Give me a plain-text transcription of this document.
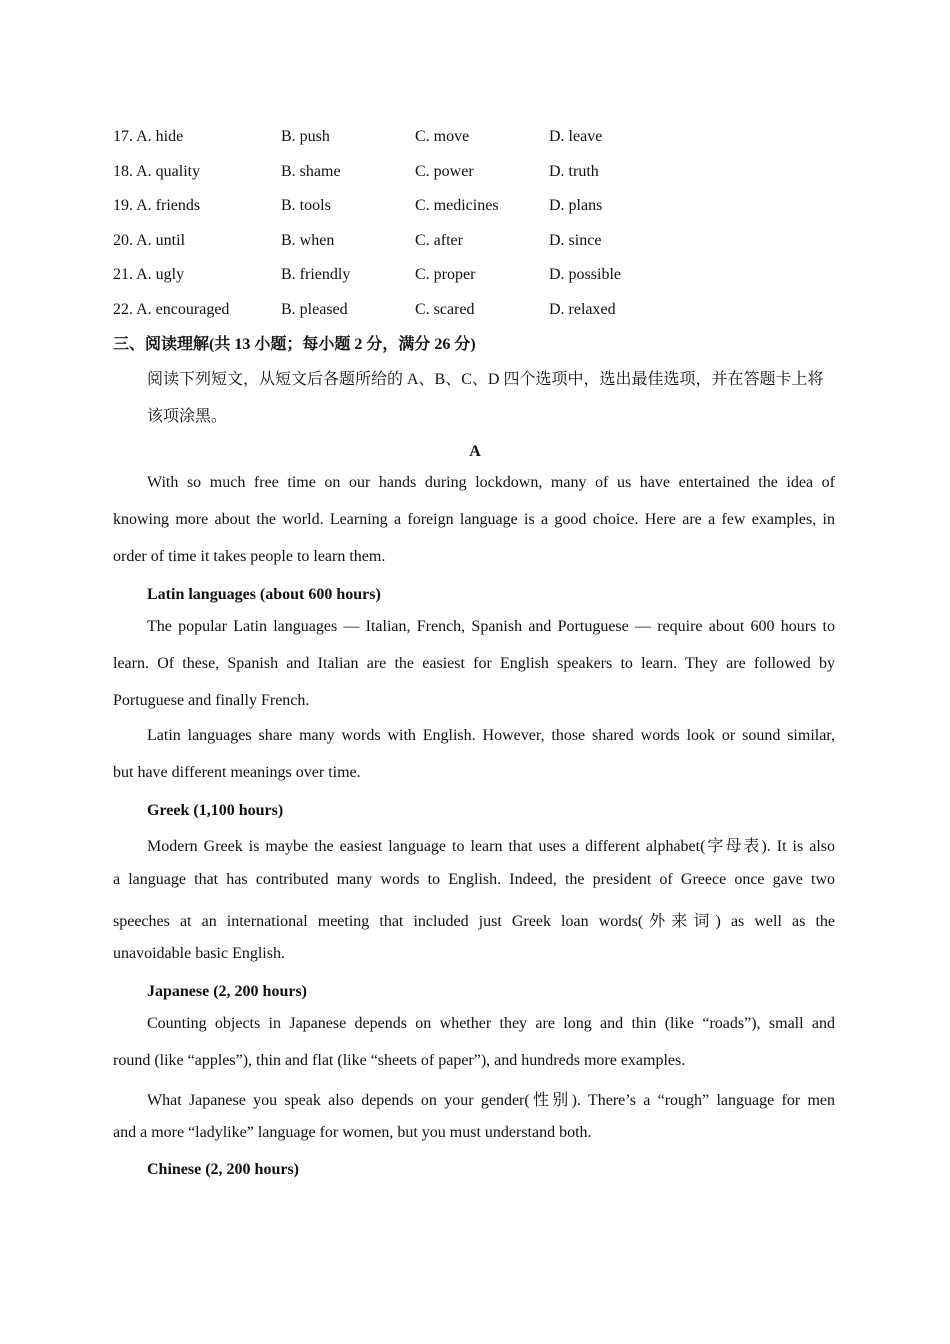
17. A. hide	B. push	C. move	D. leave
18. A. quality	B. shame	C. power	D. truth
19. A. friends	B. tools	C. medicines	D. plans
20. A. until	B. when	C. after	D. since
21. A. ugly	B. friendly	C. proper	D. possible
22. A. encouraged	B. pleased	C. scared	D. relaxed
三、阅读理解(共 13 小题；每小题 2 分，满分 26 分)
阅读下列短文，从短文后各题所给的 A、B、C、D 四个选项中，选出最佳选项，并在答题卡上将
该项涂黑。
A
With so much free time on our hands during lockdown, many of us have entertained the idea of
knowing more about the world. Learning a foreign language is a good choice. Here are a few examples, in
order of time it takes people to learn them.
Latin languages (about 600 hours)
The popular Latin languages — Italian, French, Spanish and Portuguese — require about 600 hours to
learn. Of these, Spanish and Italian are the easiest for English speakers to learn. They are followed by
Portuguese and finally French.
Latin languages share many words with English. However, those shared words look or sound similar,
but have different meanings over time.
Greek (1,100 hours)
Modern Greek is maybe the easiest language to learn that uses a different alphabet(字母表). It is also
a language that has contributed many words to English. Indeed, the president of Greece once gave two
speeches at an international meeting that included just Greek loan words(外来词) as well as the
unavoidable basic English.
Japanese (2, 200 hours)
Counting objects in Japanese depends on whether they are long and thin (like “roads”), small and
round (like “apples”), thin and flat (like “sheets of paper”), and hundreds more examples.
What Japanese you speak also depends on your gender(性别). There’s a “rough” language for men
and a more “ladylike” language for women, but you must understand both.
Chinese (2, 200 hours)
